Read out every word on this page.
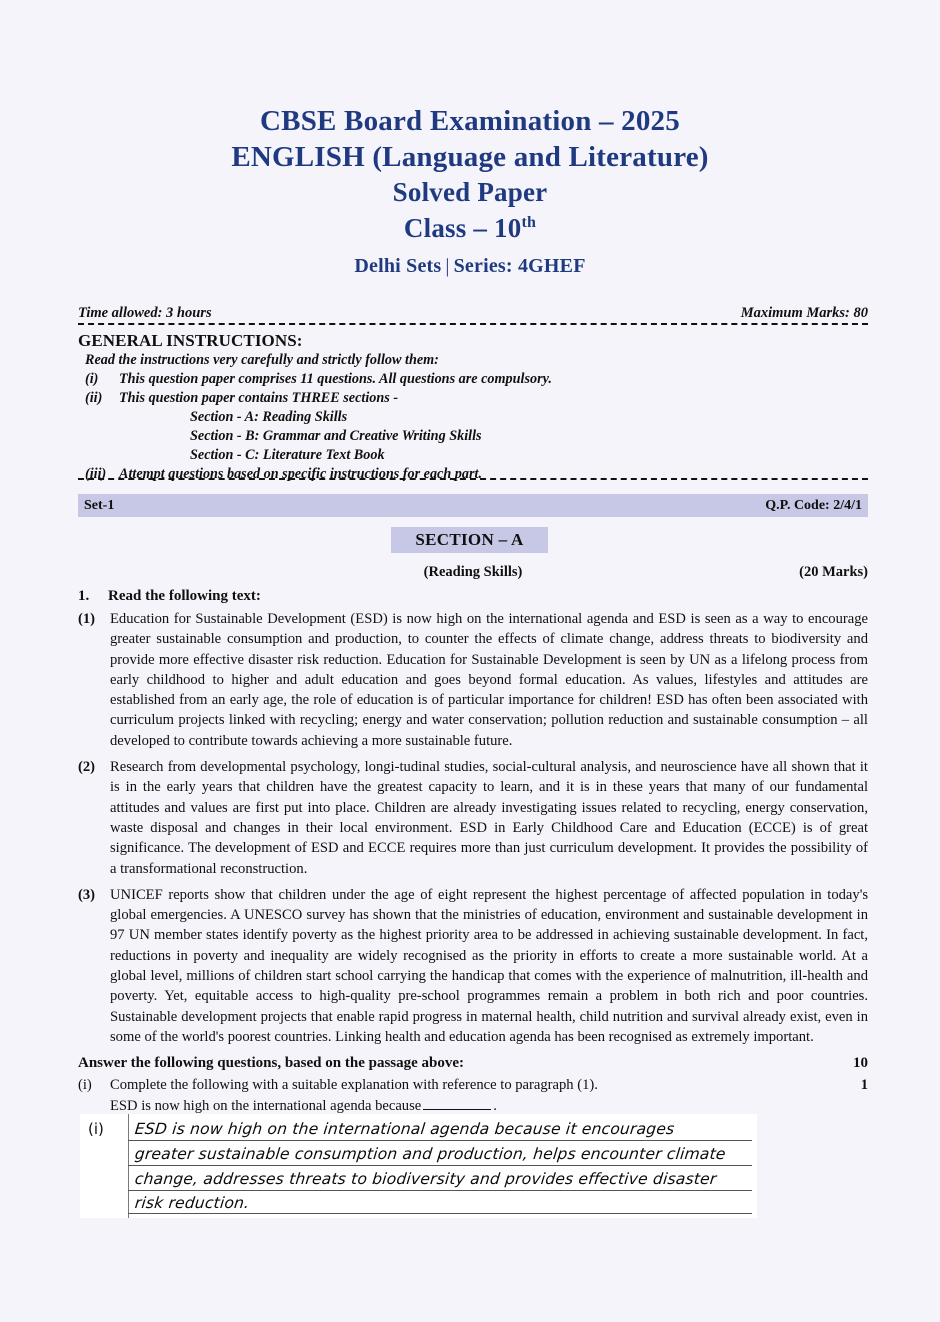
CBSE Board Examination – 2025
ENGLISH (Language and Literature)
Solved Paper
Class – 10th
Delhi Sets | Series: 4GHEF
Time allowed: 3 hours	Maximum Marks: 80
GENERAL INSTRUCTIONS:
Read the instructions very carefully and strictly follow them:
(i)	This question paper comprises 11 questions. All questions are compulsory.
(ii)	This question paper contains THREE sections -
Section - A: Reading Skills
Section - B: Grammar and Creative Writing Skills
Section - C: Literature Text Book
(iii) Attempt questions based on specific instructions for each part.
Set-1	Q.P. Code: 2/4/1
SECTION – A
(Reading Skills)	(20 Marks)
1.	Read the following text:
(1)	Education for Sustainable Development (ESD) is now high on the international agenda and ESD is seen as a way to encourage greater sustainable consumption and production, to counter the effects of climate change, address threats to biodiversity and provide more effective disaster risk reduction. Education for Sustainable Development is seen by UN as a lifelong process from early childhood to higher and adult education and goes beyond formal education. As values, lifestyles and attitudes are established from an early age, the role of education is of particular importance for children! ESD has often been associated with curriculum projects linked with recycling; energy and water conservation; pollution reduction and sustainable consumption – all developed to contribute towards achieving a more sustainable future.
(2)	Research from developmental psychology, longi-tudinal studies, social-cultural analysis, and neuroscience have all shown that it is in the early years that children have the greatest capacity to learn, and it is in these years that many of our fundamental attitudes and values are first put into place. Children are already investigating issues related to recycling, energy conservation, waste disposal and changes in their local environment. ESD in Early Childhood Care and Education (ECCE) is of great significance. The development of ESD and ECCE requires more than just curriculum development. It provides the possibility of a transformational reconstruction.
(3)	UNICEF reports show that children under the age of eight represent the highest percentage of affected population in today's global emergencies. A UNESCO survey has shown that the ministries of education, environment and sustainable development in 97 UN member states identify poverty as the highest priority area to be addressed in achieving sustainable development. In fact, reductions in poverty and inequality are widely recognised as the priority in efforts to create a more sustainable world. At a global level, millions of children start school carrying the handicap that comes with the experience of malnutrition, ill-health and poverty. Yet, equitable access to high-quality pre-school programmes remain a problem in both rich and poor countries. Sustainable development projects that enable rapid progress in maternal health, child nutrition and survival already exist, even in some of the world's poorest countries. Linking health and education agenda has been recognised as extremely important.
Answer the following questions, based on the passage above:	10
(i)	Complete the following with a suitable explanation with reference to paragraph (1).	1
ESD is now high on the international agenda because	.
(i) ESD is now high on the international agenda because it encourages
greater sustainable consumption and production, helps encounter climate
change, addresses threats to biodiversity and provides effective disaster
risk reduction.
